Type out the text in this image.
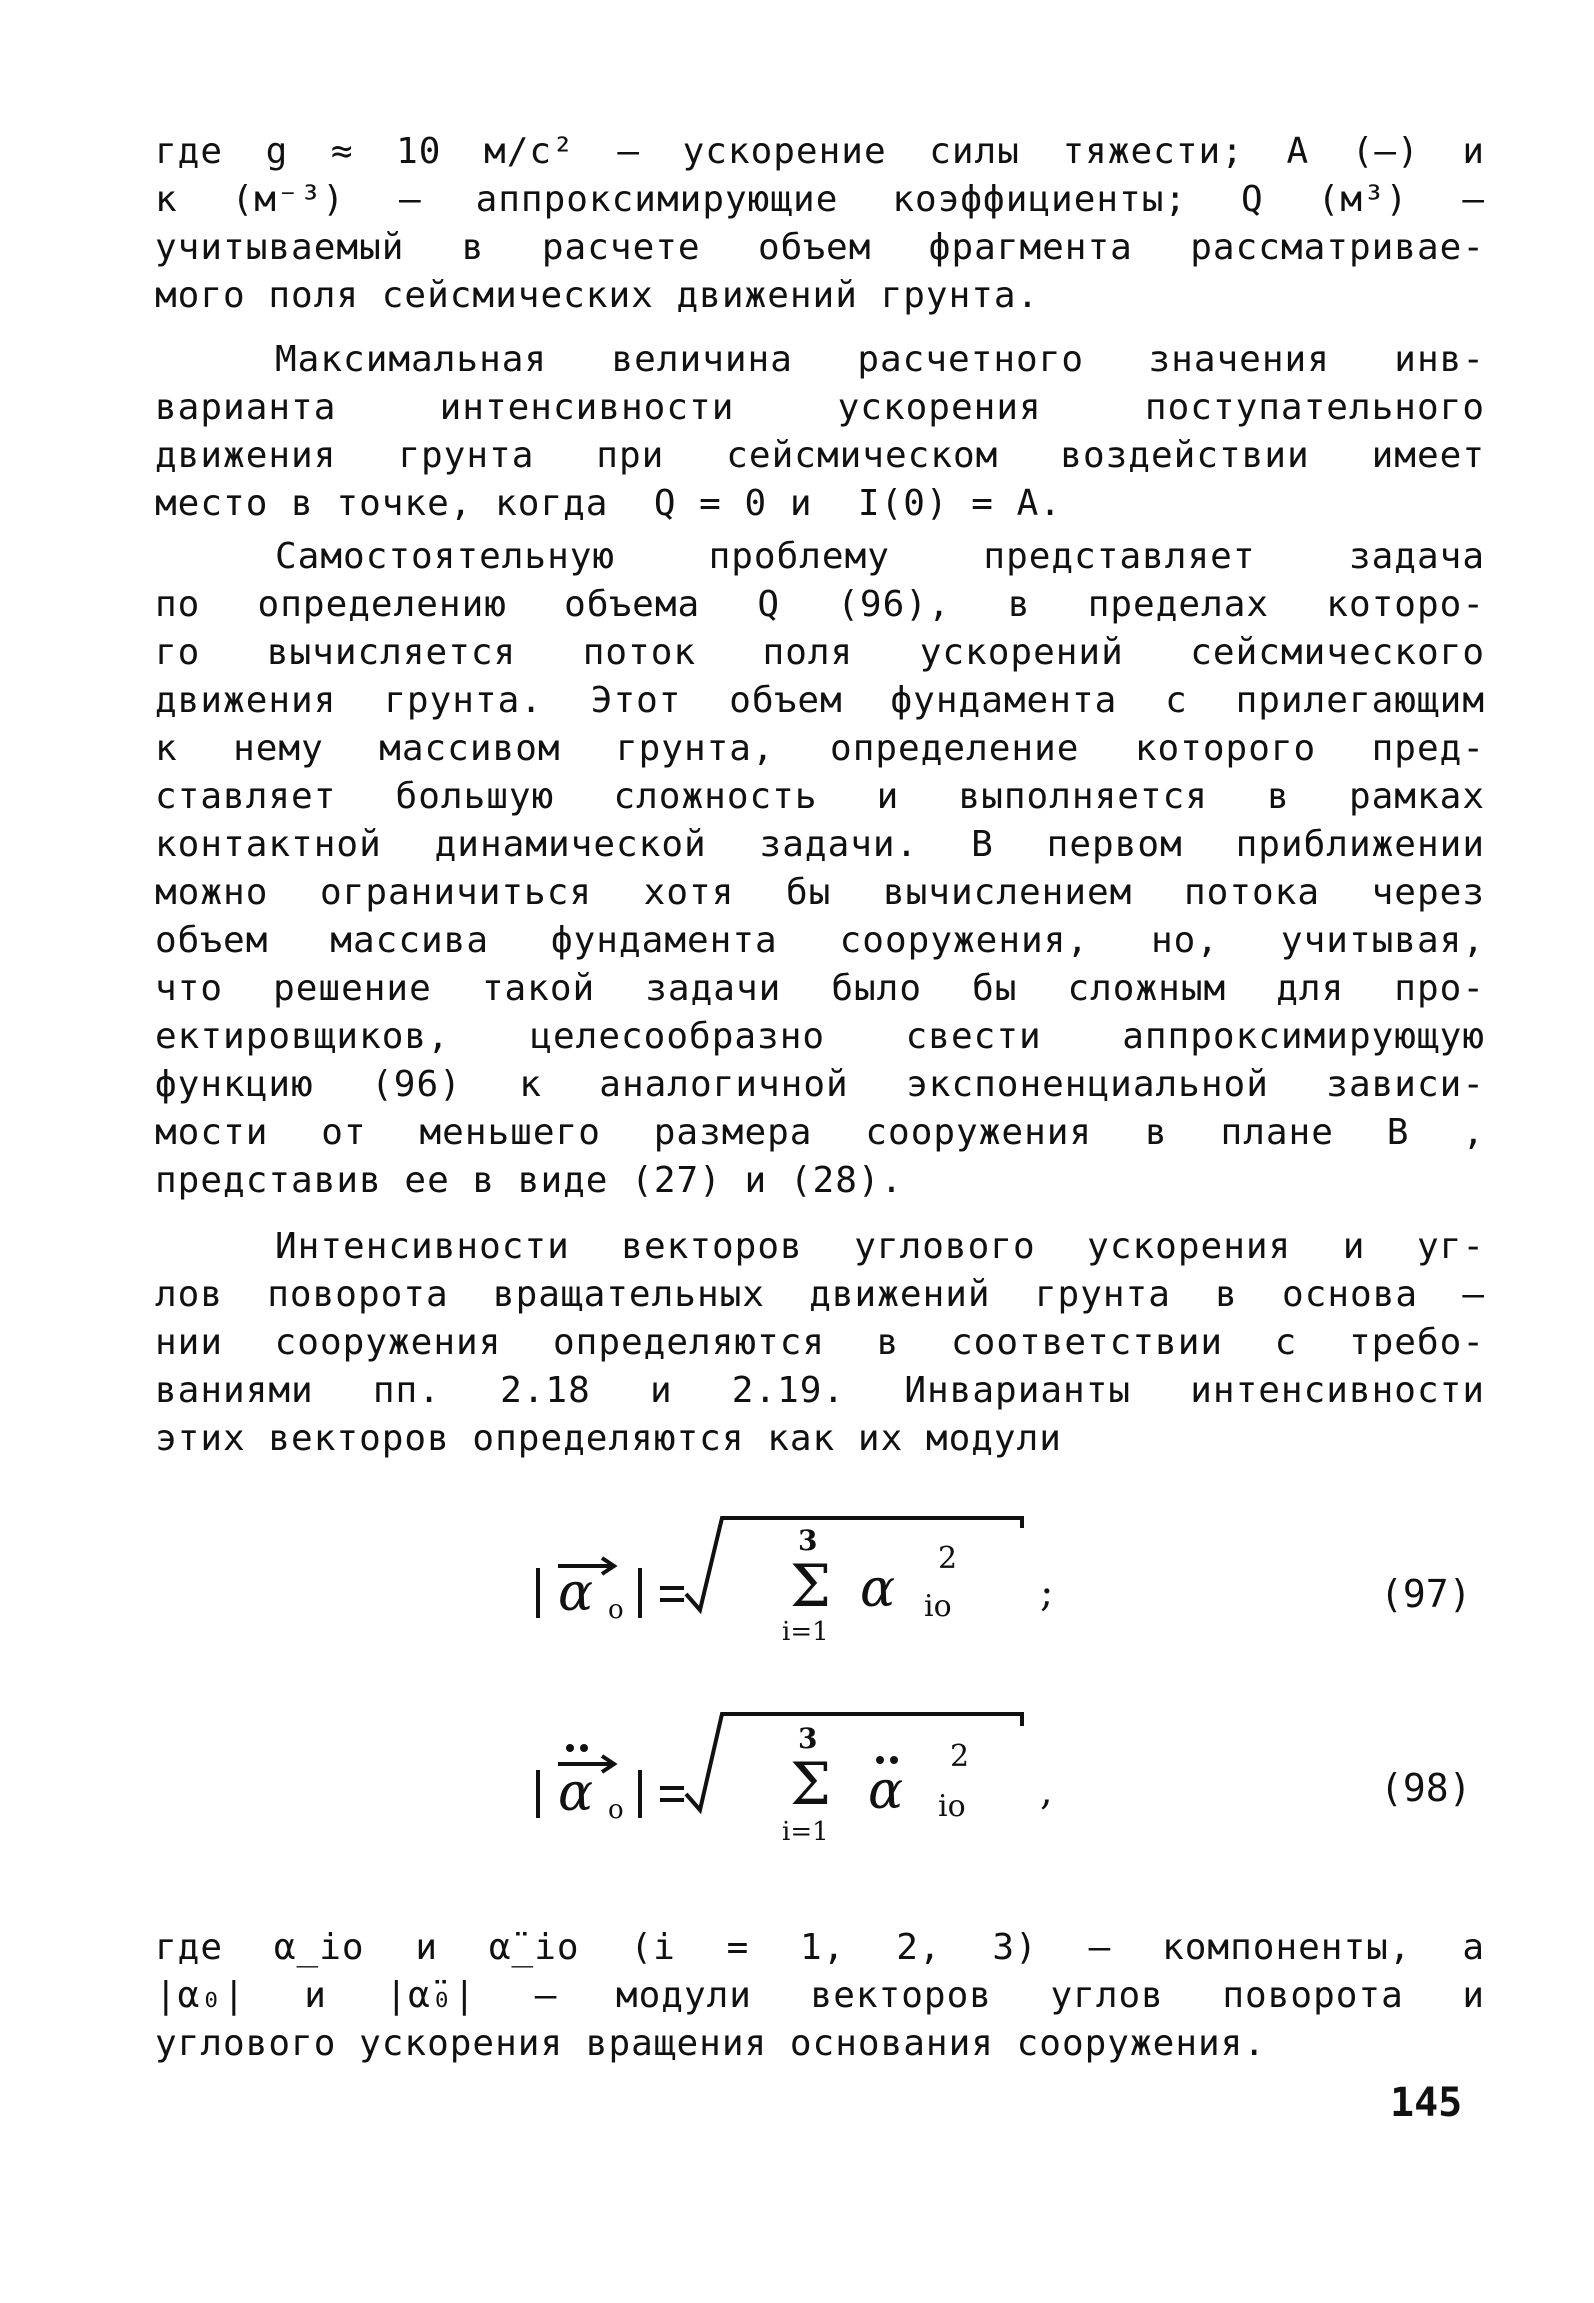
где g ≈ 10 м/с² – ускорение силы тяжести; А (–) и
к (м⁻³) – аппроксимирующие коэффициенты; Q (м³) –
учитываемый в расчете объем фрагмента рассматривае-
мого поля сейсмических движений грунта.
Максимальная величина расчетного значения инв-
варианта интенсивности ускорения поступательного
движения грунта при сейсмическом воздействии имеет
место в точке, когда  Q = 0 и  I(0) = А.
Самостоятельную проблему представляет задача
по определению объема Q (96), в пределах которо-
го вычисляется поток поля ускорений сейсмического
движения грунта. Этот объем фундамента с прилегающим
к нему массивом грунта, определение которого пред-
ставляет большую сложность и выполняется в рамках
контактной динамической задачи. В первом приближении
можно ограничиться хотя бы вычислением потока через
объем массива фундамента сооружения, но, учитывая,
что решение такой задачи было бы сложным для про-
ектировщиков, целесообразно свести аппроксимирующую
функцию (96) к аналогичной экспоненциальной зависи-
мости от меньшего размера сооружения в плане В ,
представив ее в виде (27) и (28).
Интенсивности векторов углового ускорения и уг-
лов поворота вращательных движений грунта в основа –
нии сооружения определяются в соответствии с требо-
ваниями пп. 2.18 и 2.19. Инварианты интенсивности
этих векторов определяются как их модули
α o	Σ
3
i=1
α
2
io ;	(97)
α o	Σ
3
i=1
α
2
io ,	(98)
где α_io и α̈_io (i = 1, 2, 3) – компоненты, а
|α₀| и |α̈₀| – модули векторов углов поворота и
углового ускорения вращения основания сооружения.
145
